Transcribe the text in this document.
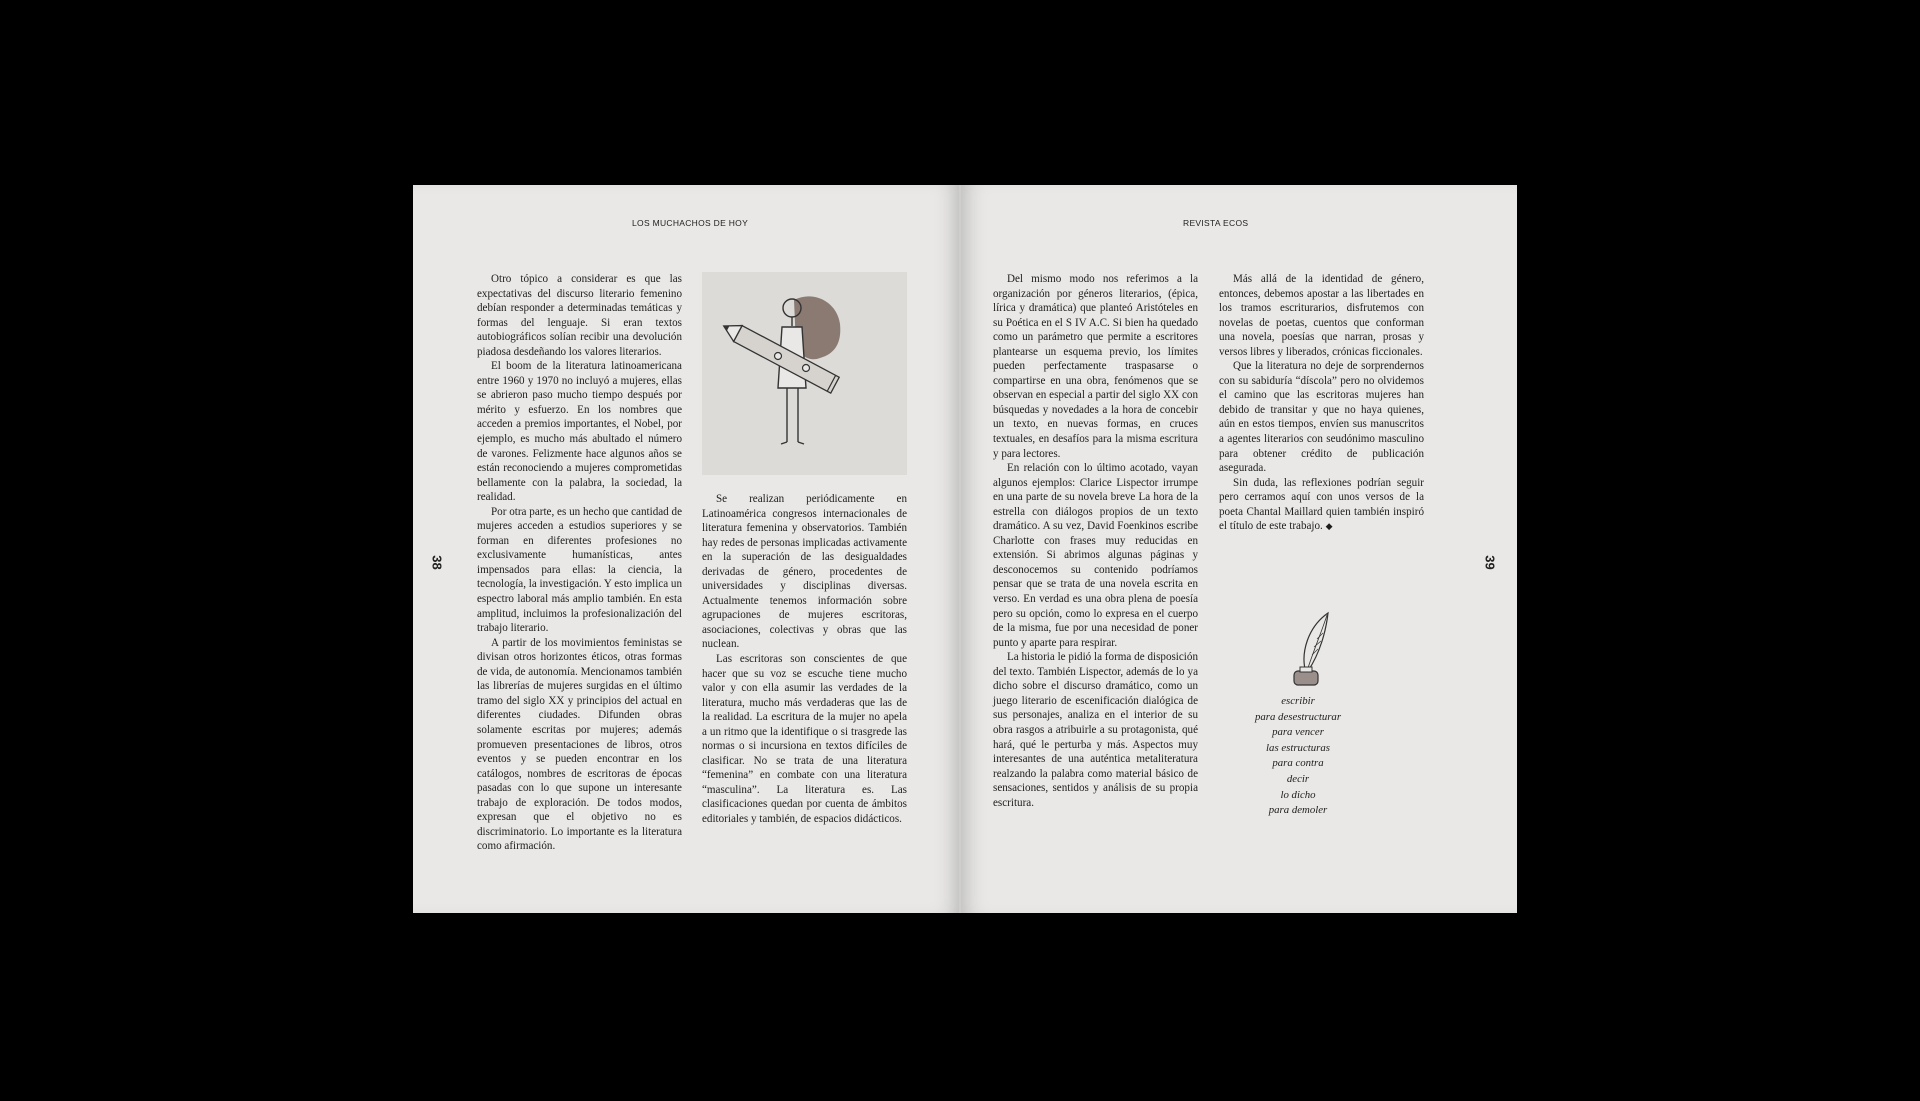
LOS MUCHACHOS DE HOY
38

Otro tópico a considerar es que las expectativas del discurso literario femenino debían responder a determinadas temáticas y formas del lenguaje. Si eran textos autobiográficos solían recibir una devolución piadosa desdeñando los valores literarios.

El boom de la literatura latinoamericana entre 1960 y 1970 no incluyó a mujeres, ellas se abrieron paso mucho tiempo después por mérito y esfuerzo. En los nombres que acceden a premios importantes, el Nobel, por ejemplo, es mucho más abultado el número de varones. Felizmente hace algunos años se están reconociendo a mujeres comprometidas bellamente con la palabra, la sociedad, la realidad.

Por otra parte, es un hecho que cantidad de mujeres acceden a estudios superiores y se forman en diferentes profesiones no exclusivamente humanísticas, antes impensados para ellas: la ciencia, la tecnología, la investigación. Y esto implica un espectro laboral más amplio también. En esta amplitud, incluimos la profesionalización del trabajo literario.

A partir de los movimientos feministas se divisan otros horizontes éticos, otras formas de vida, de autonomía. Mencionamos también las librerías de mujeres surgidas en el último tramo del siglo XX y principios del actual en diferentes ciudades. Difunden obras solamente escritas por mujeres; además promueven presentaciones de libros, otros eventos y se pueden encontrar en los catálogos, nombres de escritoras de épocas pasadas con lo que supone un interesante trabajo de exploración. De todos modos, expresan que el objetivo no es discriminatorio. Lo importante es la literatura como afirmación.

Se realizan periódicamente en Latinoamérica congresos internacionales de literatura femenina y observatorios. También hay redes de personas implicadas activamente en la superación de las desigualdades derivadas de género, procedentes de universidades y disciplinas diversas. Actualmente tenemos información sobre agrupaciones de mujeres escritoras, asociaciones, colectivas y obras que las nuclean.

Las escritoras son conscientes de que hacer que su voz se escuche tiene mucho valor y con ella asumir las verdades de la literatura, mucho más verdaderas que las de la realidad. La escritura de la mujer no apela a un ritmo que la identifique o si trasgrede las normas o si incursiona en textos difíciles de clasificar. No se trata de una literatura “femenina” en combate con una literatura “masculina”. La literatura es. Las clasificaciones quedan por cuenta de ámbitos editoriales y también, de espacios didácticos.

REVISTA ECOS
39

Del mismo modo nos referimos a la organización por géneros literarios, (épica, lírica y dramática) que planteó Aristóteles en su Poética en el S IV A.C. Si bien ha quedado como un parámetro que permite a escritores plantearse un esquema previo, los límites pueden perfectamente traspasarse o compartirse en una obra, fenómenos que se observan en especial a partir del siglo XX con búsquedas y novedades a la hora de concebir un texto, en nuevas formas, en cruces textuales, en desafíos para la misma escritura y para lectores.

En relación con lo último acotado, vayan algunos ejemplos: Clarice Lispector irrumpe en una parte de su novela breve La hora de la estrella con diálogos propios de un texto dramático. A su vez, David Foenkinos escribe Charlotte con frases muy reducidas en extensión. Si abrimos algunas páginas y desconocemos su contenido podríamos pensar que se trata de una novela escrita en verso. En verdad es una obra plena de poesía pero su opción, como lo expresa en el cuerpo de la misma, fue por una necesidad de poner punto y aparte para respirar.

La historia le pidió la forma de disposición del texto. También Lispector, además de lo ya dicho sobre el discurso dramático, como un juego literario de escenificación dialógica de sus personajes, analiza en el interior de su obra rasgos a atribuirle a su protagonista, qué hará, qué le perturba y más. Aspectos muy interesantes de una auténtica metaliteratura realzando la palabra como material básico de sensaciones, sentidos y análisis de su propia escritura.

Más allá de la identidad de género, entonces, debemos apostar a las libertades en los tramos escriturarios, disfrutemos con novelas de poetas, cuentos que conforman una novela, poesías que narran, prosas y versos libres y liberados, crónicas ficcionales.

Que la literatura no deje de sorprendernos con su sabiduría “díscola” pero no olvidemos el camino que las escritoras mujeres han debido de transitar y que no haya quienes, aún en estos tiempos, envíen sus manuscritos a agentes literarios con seudónimo masculino para obtener crédito de publicación asegurada.

Sin duda, las reflexiones podrían seguir pero cerramos aquí con unos versos de la poeta Chantal Maillard quien también inspiró el título de este trabajo. ◆

escribir
para desestructurar
para vencer
las estructuras
para contra
decir
lo dicho
para demoler
